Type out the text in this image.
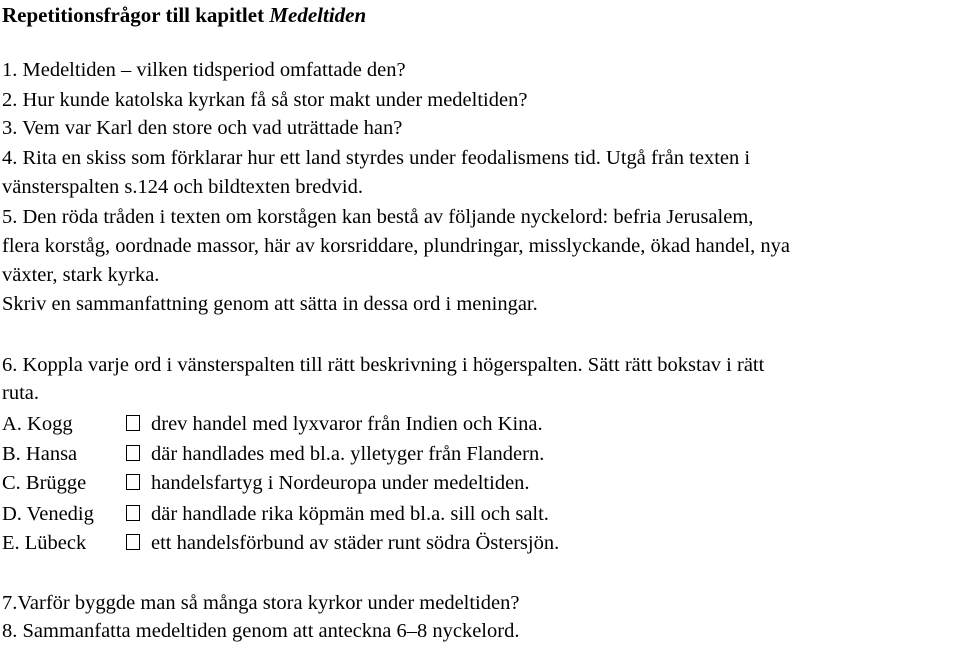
Repetitionsfrågor till kapitlet Medeltiden
1. Medeltiden – vilken tidsperiod omfattade den?
2. Hur kunde katolska kyrkan få så stor makt under medeltiden?
3. Vem var Karl den store och vad uträttade han?
4. Rita en skiss som förklarar hur ett land styrdes under feodalismens tid. Utgå från texten i
vänsterspalten s.124 och bildtexten bredvid.
5. Den röda tråden i texten om korstågen kan bestå av följande nyckelord: befria Jerusalem,
flera korståg, oordnade massor, här av korsriddare, plundringar, misslyckande, ökad handel, nya
växter, stark kyrka.
Skriv en sammanfattning genom att sätta in dessa ord i meningar.
6. Koppla varje ord i vänsterspalten till rätt beskrivning i högerspalten. Sätt rätt bokstav i rätt
ruta.
A. Kogg	drev handel med lyxvaror från Indien och Kina.
B. Hansa	där handlades med bl.a. ylletyger från Flandern.
C. Brügge	handelsfartyg i Nordeuropa under medeltiden.
D. Venedig	där handlade rika köpmän med bl.a. sill och salt.
E. Lübeck	ett handelsförbund av städer runt södra Östersjön.
7.Varför byggde man så många stora kyrkor under medeltiden?
8. Sammanfatta medeltiden genom att anteckna 6–8 nyckelord.
